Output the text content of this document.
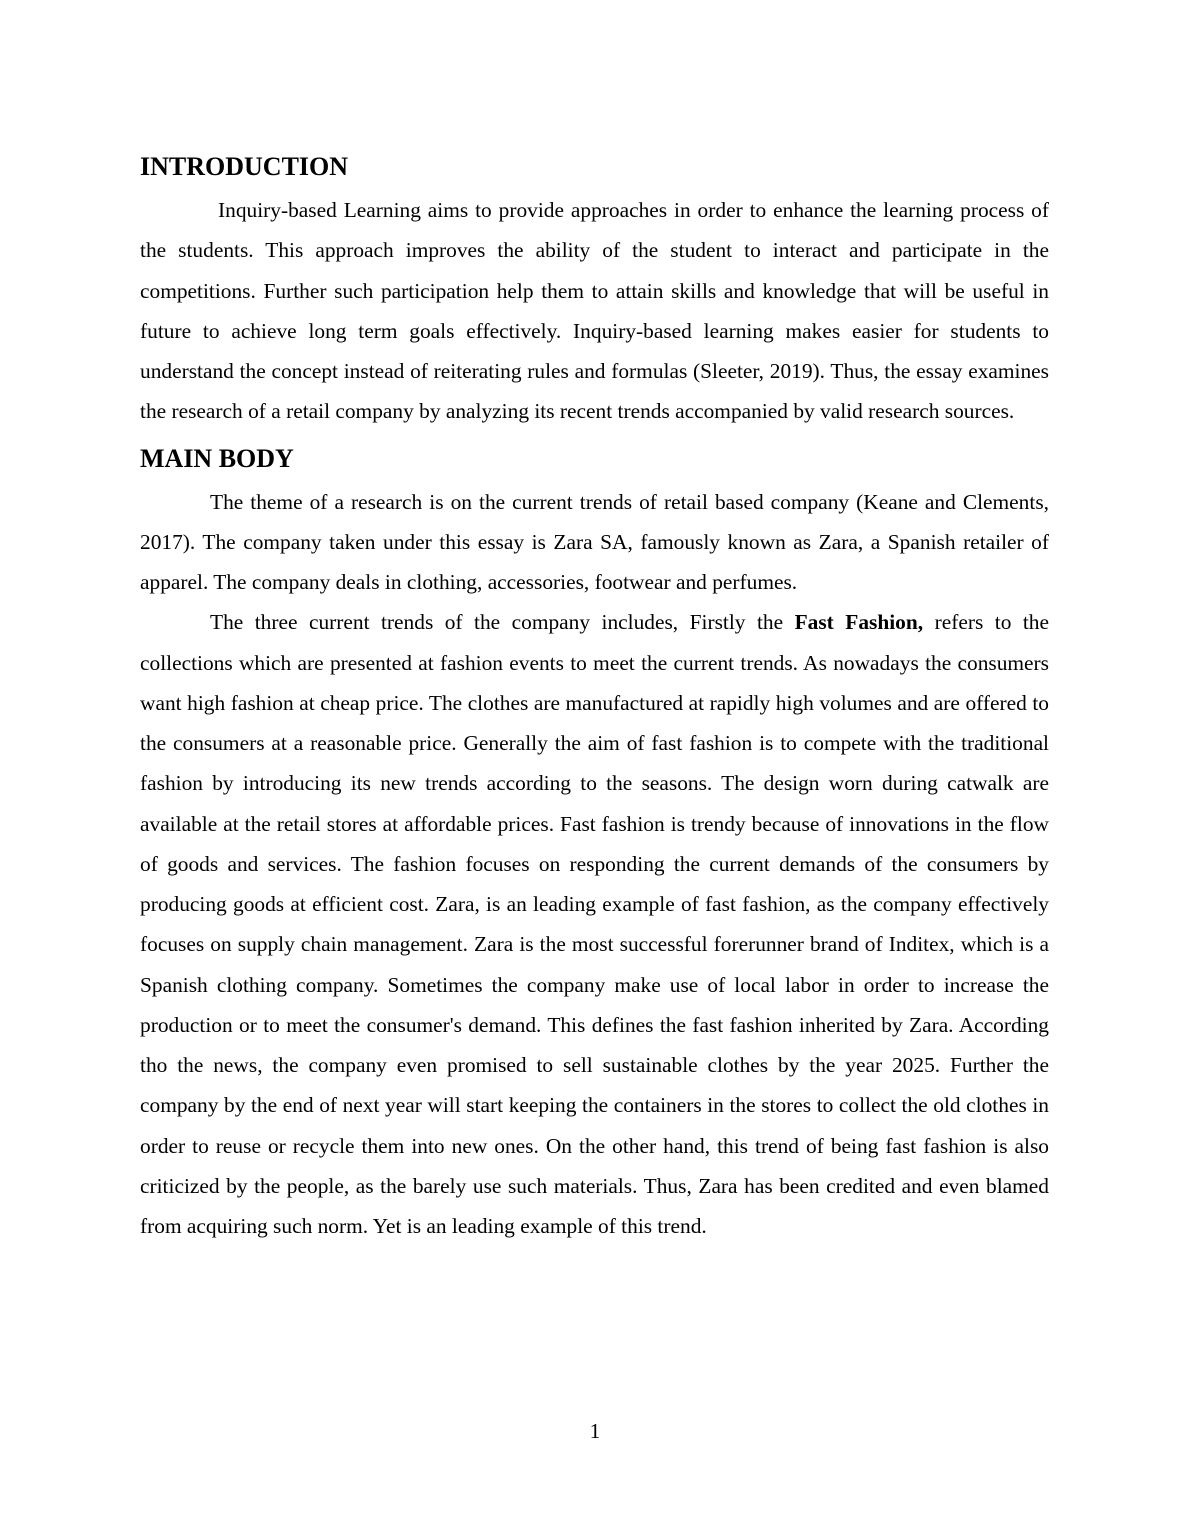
INTRODUCTION

Inquiry-based Learning aims to provide approaches in order to enhance the learning process of the students. This approach improves the ability of the student to interact and participate in the competitions. Further such participation help them to attain skills and knowledge that will be useful in future to achieve long term goals effectively. Inquiry-based learning makes easier for students to understand the concept instead of reiterating rules and formulas (Sleeter, 2019). Thus, the essay examines the research of a retail company by analyzing its recent trends accompanied by valid research sources.

MAIN BODY

The theme of a research is on the current trends of retail based company (Keane and Clements, 2017). The company taken under this essay is Zara SA, famously known as Zara, a Spanish retailer of apparel. The company deals in clothing, accessories, footwear and perfumes.

The three current trends of the company includes, Firstly the Fast Fashion, refers to the collections which are presented at fashion events to meet the current trends. As nowadays the consumers want high fashion at cheap price. The clothes are manufactured at rapidly high volumes and are offered to the consumers at a reasonable price. Generally the aim of fast fashion is to compete with the traditional fashion by introducing its new trends according to the seasons. The design worn during catwalk are available at the retail stores at affordable prices. Fast fashion is trendy because of innovations in the flow of goods and services. The fashion focuses on responding the current demands of the consumers by producing goods at efficient cost. Zara, is an leading example of fast fashion, as the company effectively focuses on supply chain management. Zara is the most successful forerunner brand of Inditex, which is a Spanish clothing company. Sometimes the company make use of local labor in order to increase the production or to meet the consumer's demand. This defines the fast fashion inherited by Zara. According tho the news, the company even promised to sell sustainable clothes by the year 2025. Further the company by the end of next year will start keeping the containers in the stores to collect the old clothes in order to reuse or recycle them into new ones. On the other hand, this trend of being fast fashion is also criticized by the people, as the barely use such materials. Thus, Zara has been credited and even blamed from acquiring such norm. Yet is an leading example of this trend.

1
